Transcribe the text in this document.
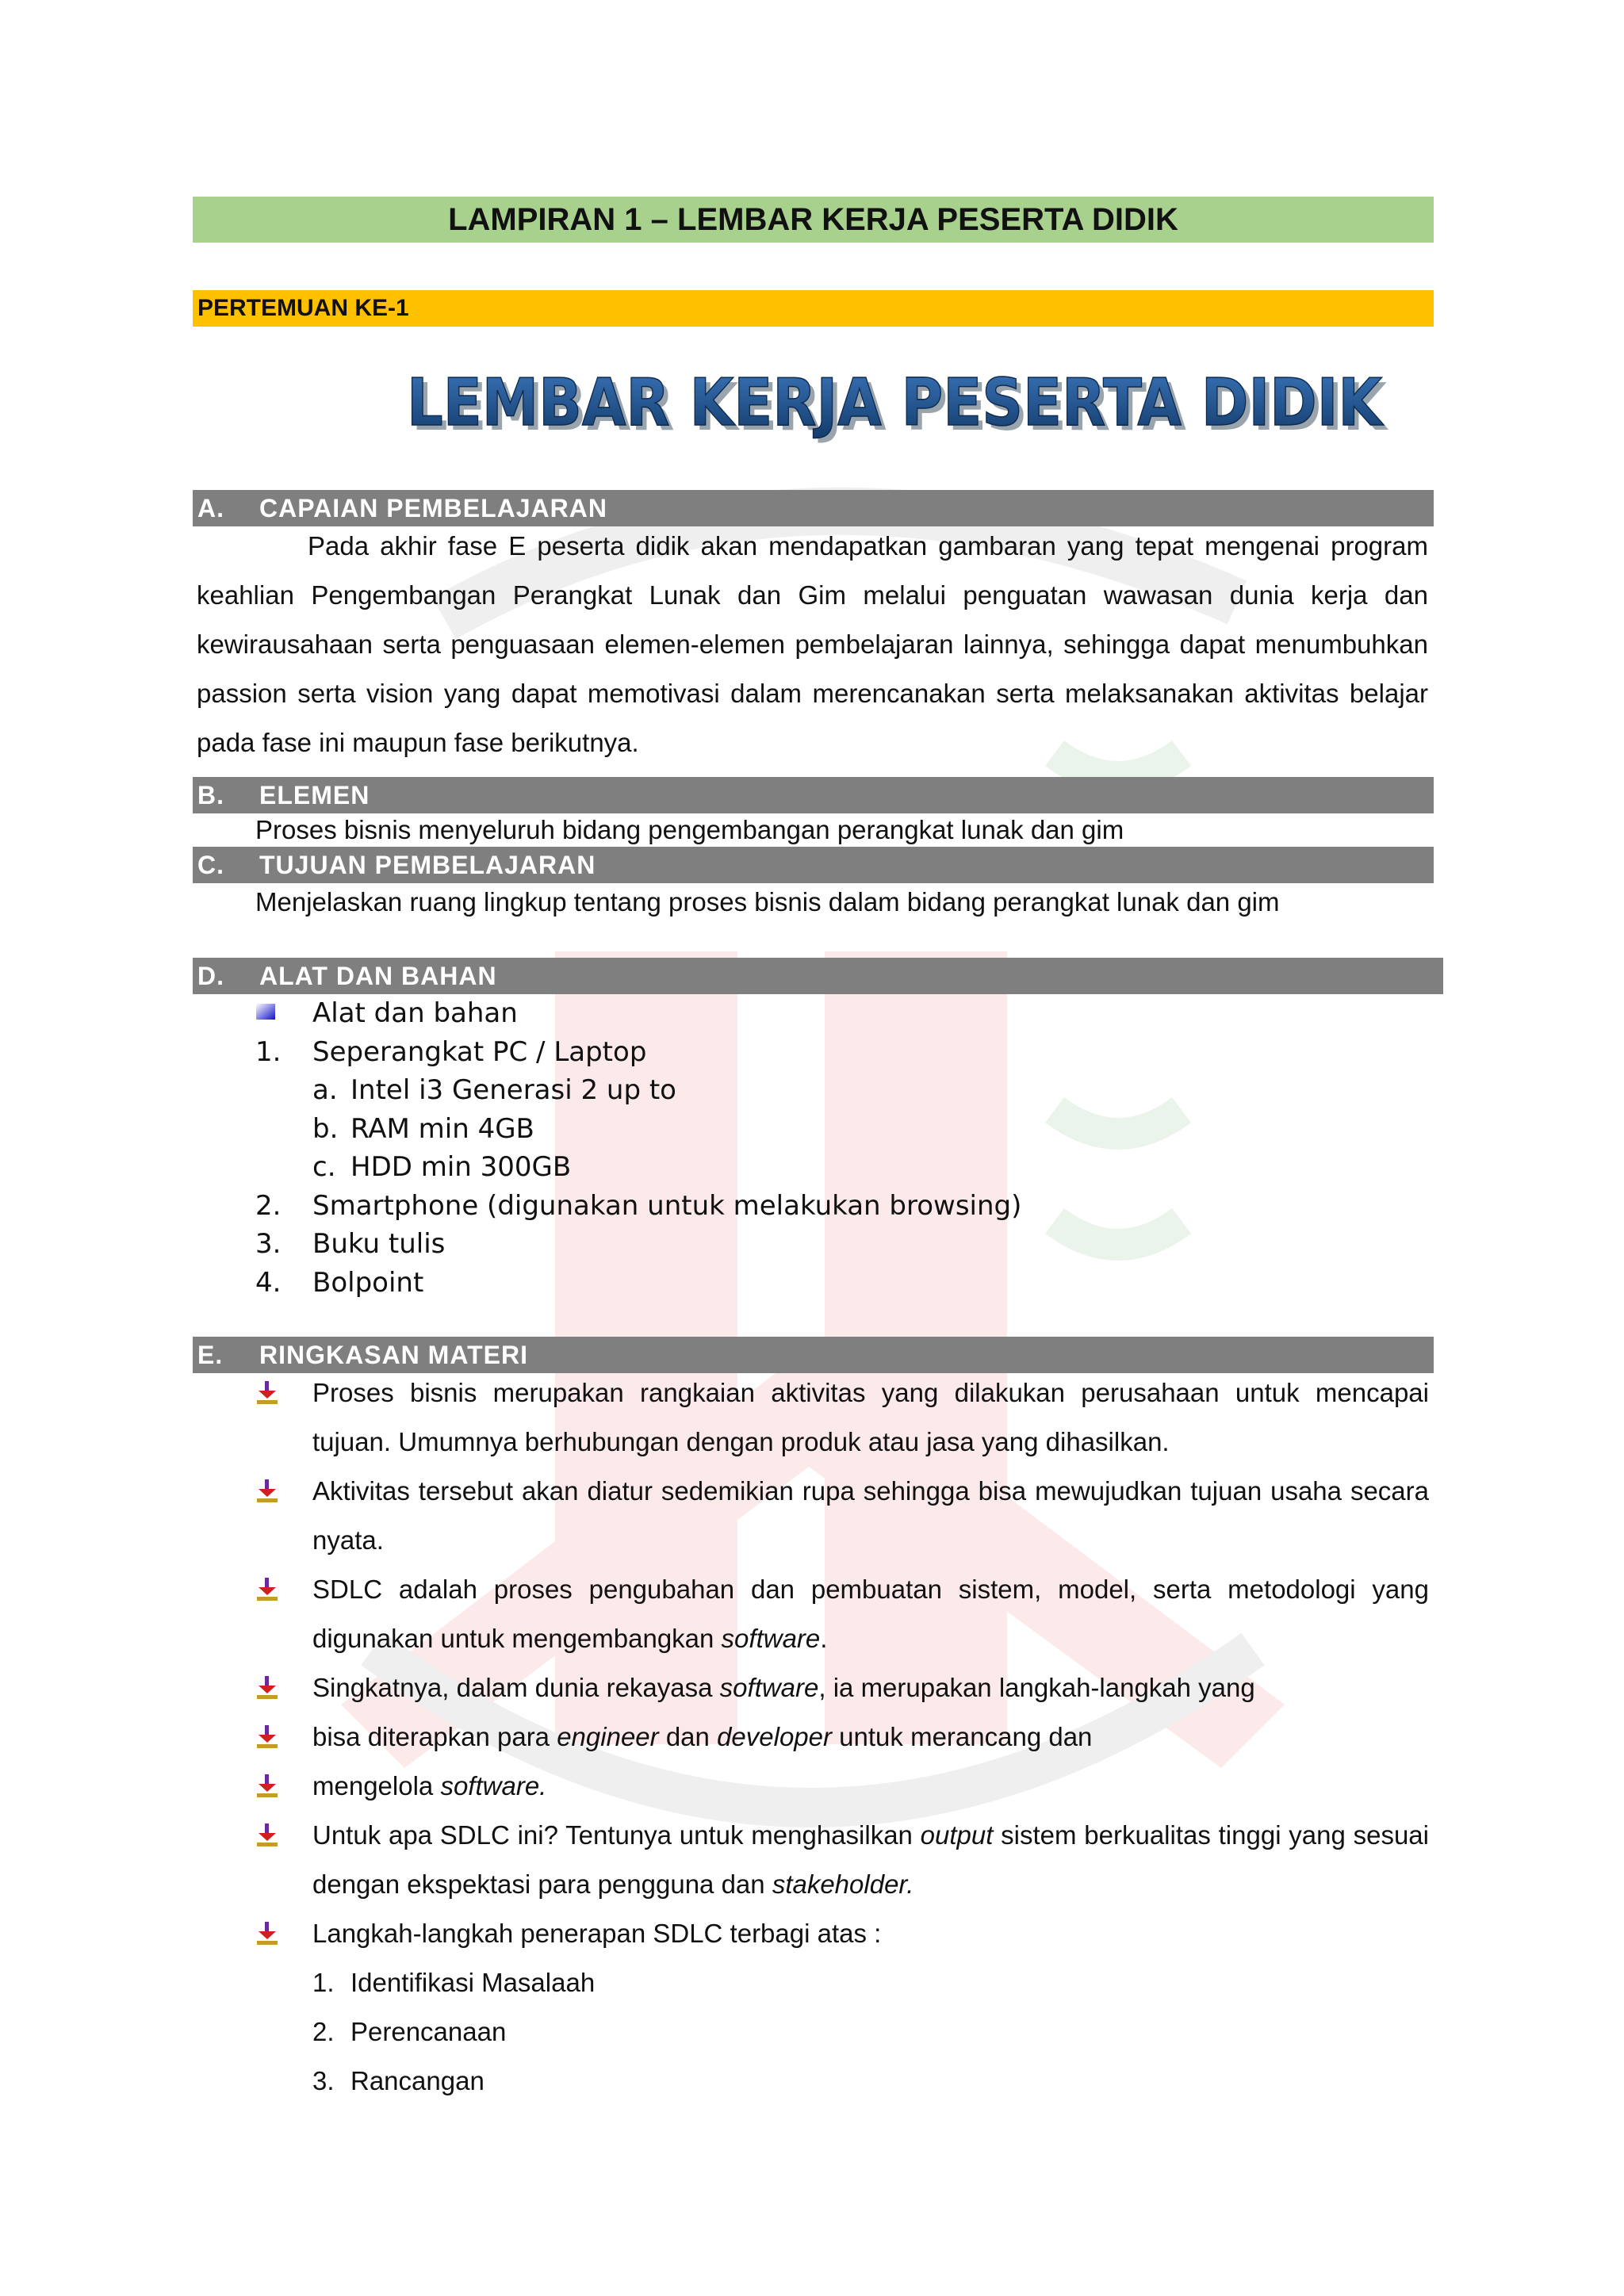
LAMPIRAN 1 – LEMBAR KERJA PESERTA DIDIK
PERTEMUAN KE-1
LEMBAR KERJA PESERTA DIDIK
LEMBAR KERJA PESERTA DIDIK
A.	CAPAIAN PEMBELAJARAN
Pada akhir fase E peserta didik akan mendapatkan gambaran yang tepat mengenai program keahlian Pengembangan Perangkat Lunak dan Gim melalui penguatan wawasan dunia kerja dan kewirausahaan serta penguasaan elemen-elemen pembelajaran lainnya, sehingga dapat menumbuhkan passion serta vision yang dapat memotivasi dalam merencanakan serta melaksanakan aktivitas belajar pada fase ini maupun fase berikutnya.
B.	ELEMEN
Proses bisnis menyeluruh bidang pengembangan perangkat lunak dan gim
C.	TUJUAN PEMBELAJARAN
Menjelaskan ruang lingkup tentang proses bisnis dalam bidang perangkat lunak dan gim
D.	ALAT DAN BAHAN
Alat dan bahan
1. Seperangkat PC / Laptop
a. Intel i3 Generasi 2 up to
b. RAM min 4GB
c. HDD min 300GB
2. Smartphone (digunakan untuk melakukan browsing)
3. Buku tulis
4. Bolpoint
E.	RINGKASAN MATERI
Proses bisnis merupakan rangkaian aktivitas yang dilakukan perusahaan untuk mencapai tujuan. Umumnya berhubungan dengan produk atau jasa yang dihasilkan.
Aktivitas tersebut akan diatur sedemikian rupa sehingga bisa mewujudkan tujuan usaha secara nyata.
SDLC adalah proses pengubahan dan pembuatan sistem, model, serta metodologi yang digunakan untuk mengembangkan software.
Singkatnya, dalam dunia rekayasa software, ia merupakan langkah-langkah yang
bisa diterapkan para engineer dan developer untuk merancang dan
mengelola software.
Untuk apa SDLC ini? Tentunya untuk menghasilkan output sistem berkualitas tinggi yang sesuai dengan ekspektasi para pengguna dan stakeholder.
Langkah-langkah penerapan SDLC terbagi atas :
1. Identifikasi Masalaah
2. Perencanaan
3. Rancangan
